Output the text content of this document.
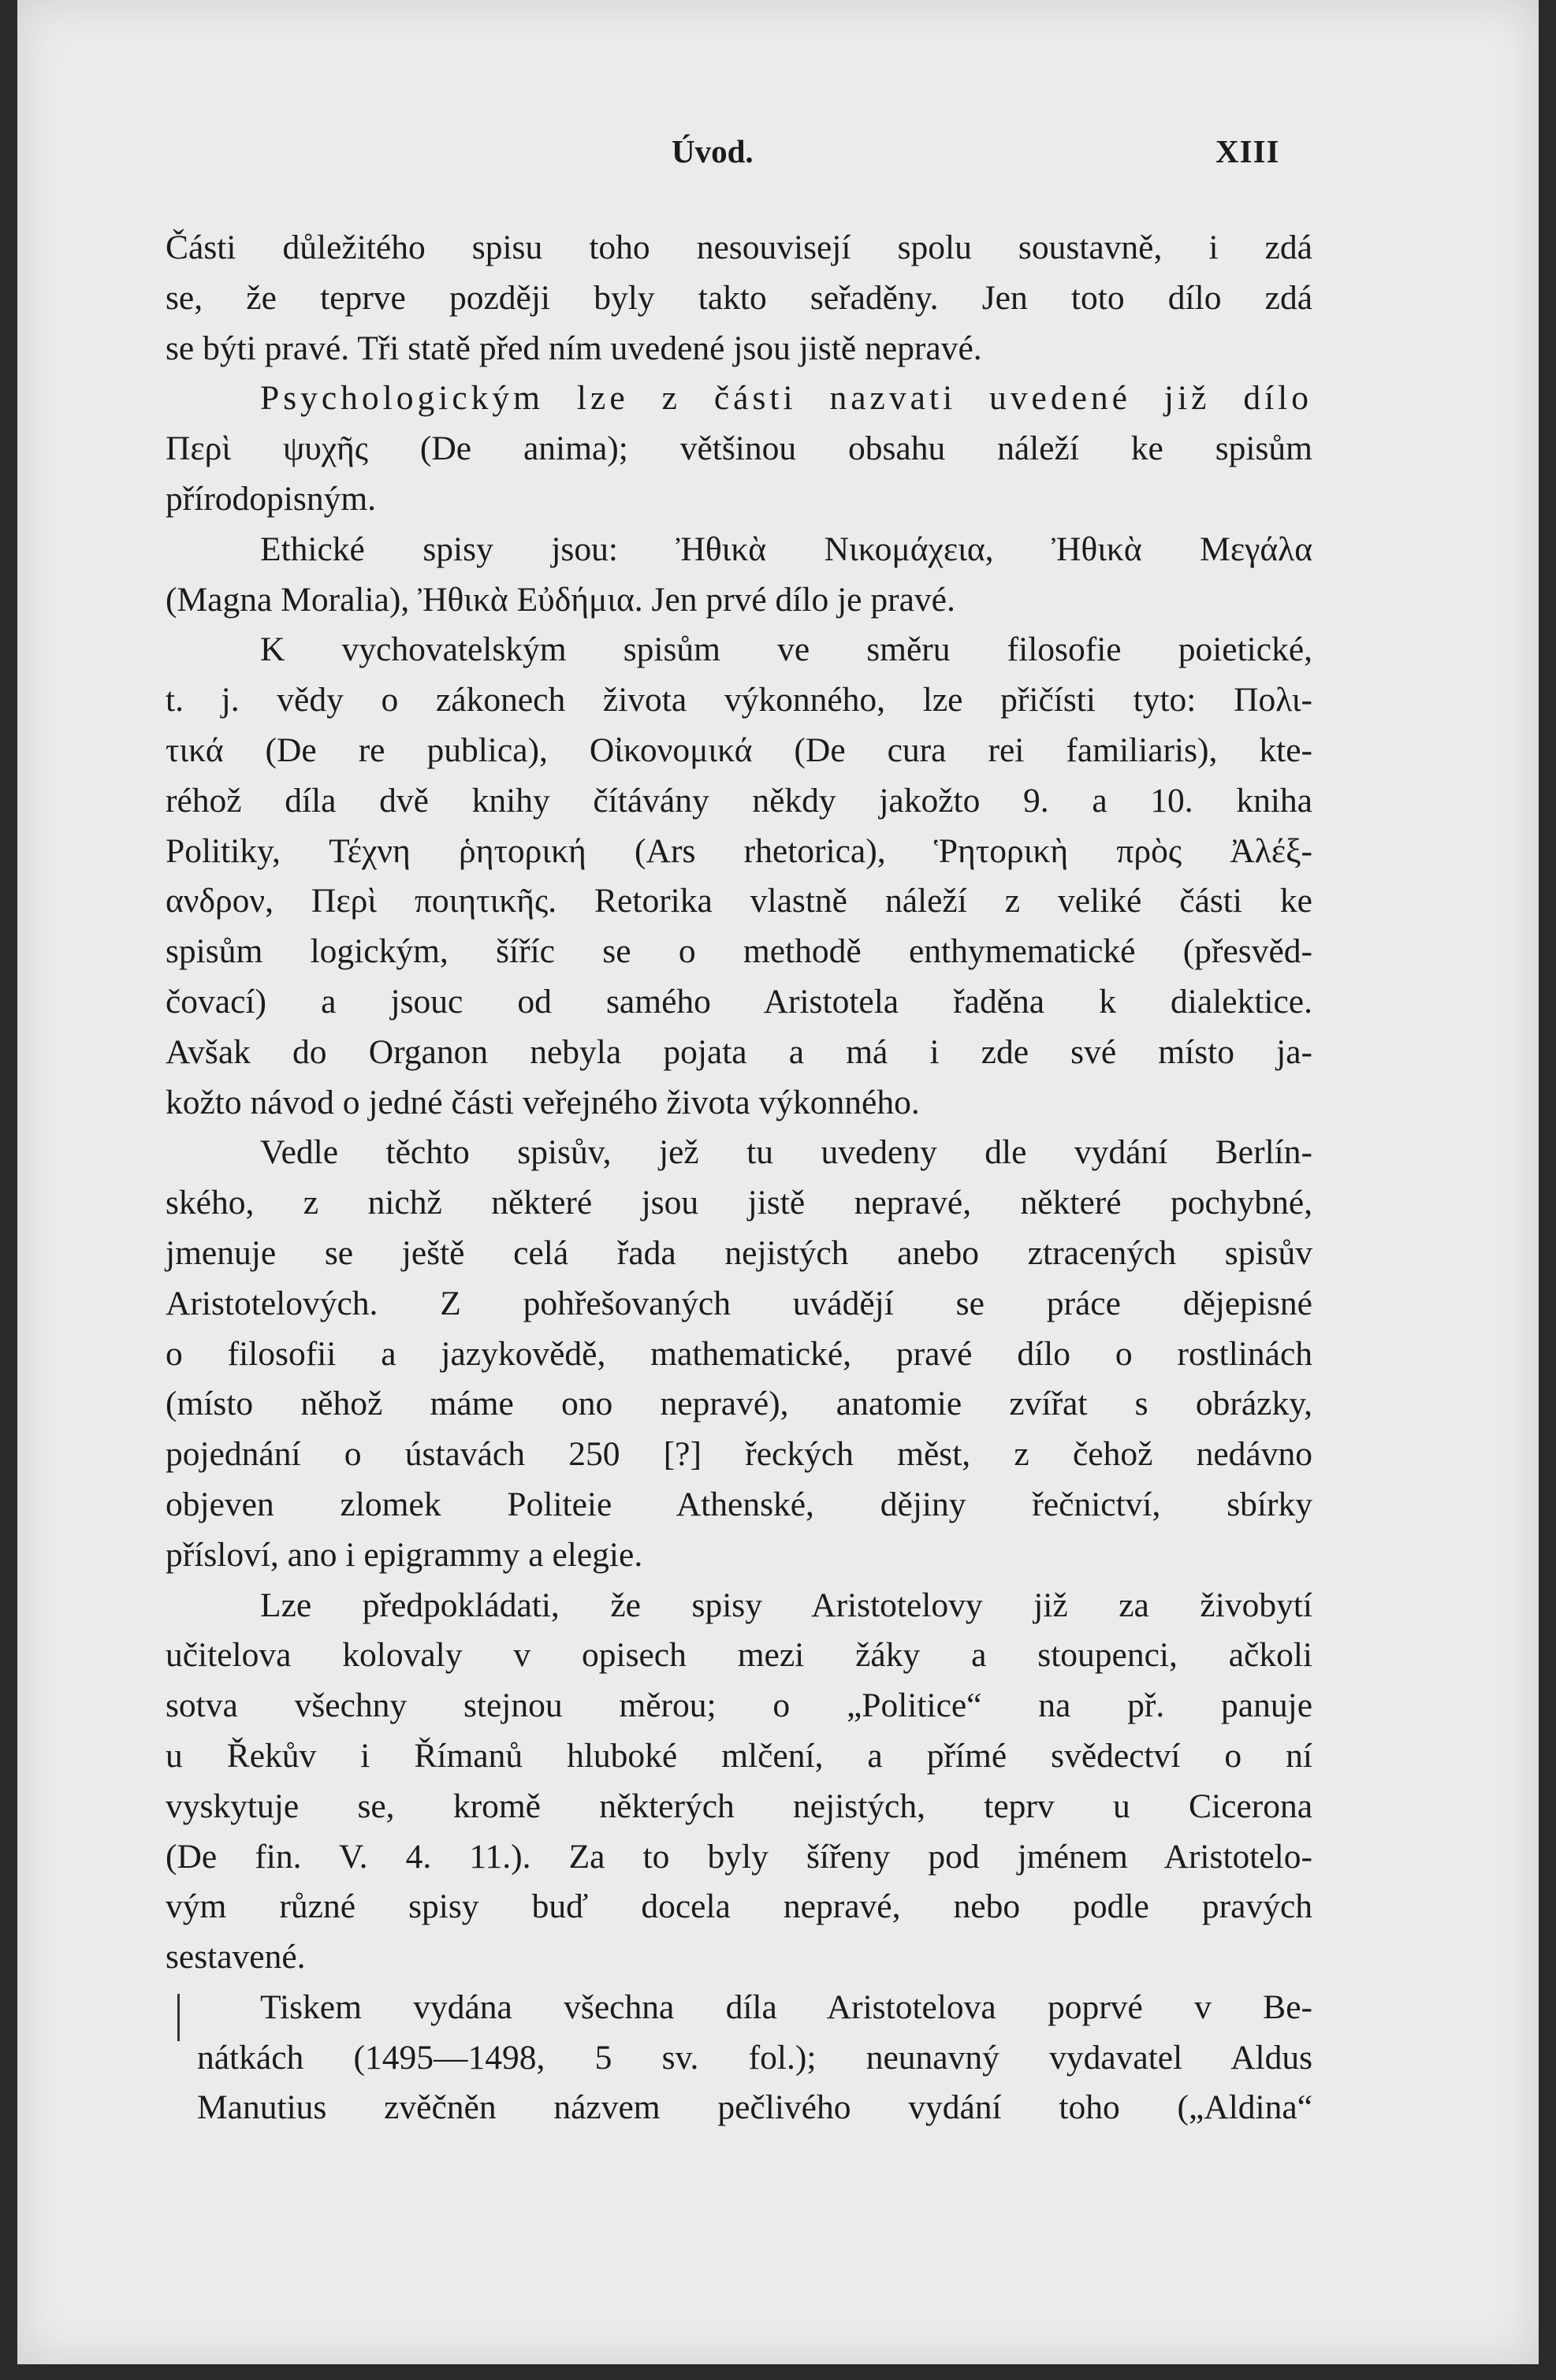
Úvod.	XIII
Části důležitého spisu toho nesouvisejí spolu soustavně, i zdá
se, že teprve později byly takto seřaděny. Jen toto dílo zdá
se býti pravé. Tři statě před ním uvedené jsou jistě nepravé.
Psychologickým lze z části nazvati uvedené již dílo
Περὶ ψυχῆς (De anima); většinou obsahu náleží ke spisům
přírodopisným.
Ethické spisy jsou: Ἠθικὰ Νικομάχεια, Ἠθικὰ Μεγάλα
(Magna Moralia), Ἠθικὰ Εὐδήμια. Jen prvé dílo je pravé.
K vychovatelským spisům ve směru filosofie poietické,
t. j. vědy o zákonech života výkonného, lze přičísti tyto: Πολι-
τικά (De re publica), Οἰκονομικά (De cura rei familiaris), kte-
réhož díla dvě knihy čítávány někdy jakožto 9. a 10. kniha
Politiky, Τέχνη ῥητορική (Ars rhetorica), Ῥητορικὴ πρὸς Ἀλέξ-
ανδρον, Περὶ ποιητικῆς. Retorika vlastně náleží z veliké části ke
spisům logickým, šíříc se o methodě enthymematické (přesvěd-
čovací) a jsouc od samého Aristotela řaděna k dialektice.
Avšak do Organon nebyla pojata a má i zde své místo ja-
kožto návod o jedné části veřejného života výkonného.
Vedle těchto spisův, jež tu uvedeny dle vydání Berlín-
ského, z nichž některé jsou jistě nepravé, některé pochybné,
jmenuje se ještě celá řada nejistých anebo ztracených spisův
Aristotelových. Z pohřešovaných uvádějí se práce dějepisné
o filosofii a jazykovědě, mathematické, pravé dílo o rostlinách
(místo něhož máme ono nepravé), anatomie zvířat s obrázky,
pojednání o ústavách 250 [?] řeckých měst, z čehož nedávno
objeven zlomek Politeie Athenské, dějiny řečnictví, sbírky
přísloví, ano i epigrammy a elegie.
Lze předpokládati, že spisy Aristotelovy již za živobytí
učitelova kolovaly v opisech mezi žáky a stoupenci, ačkoli
sotva všechny stejnou měrou; o „Politice“ na př. panuje
u Řekův i Římanů hluboké mlčení, a přímé svědectví o ní
vyskytuje se, kromě některých nejistých, teprv u Cicerona
(De fin. V. 4. 11.). Za to byly šířeny pod jménem Aristotelo-
vým různé spisy buď docela nepravé, nebo podle pravých
sestavené.
Tiskem vydána všechna díla Aristotelova poprvé v Be-
nátkách (1495—1498, 5 sv. fol.); neunavný vydavatel Aldus
Manutius zvěčněn názvem pečlivého vydání toho („Aldina“
